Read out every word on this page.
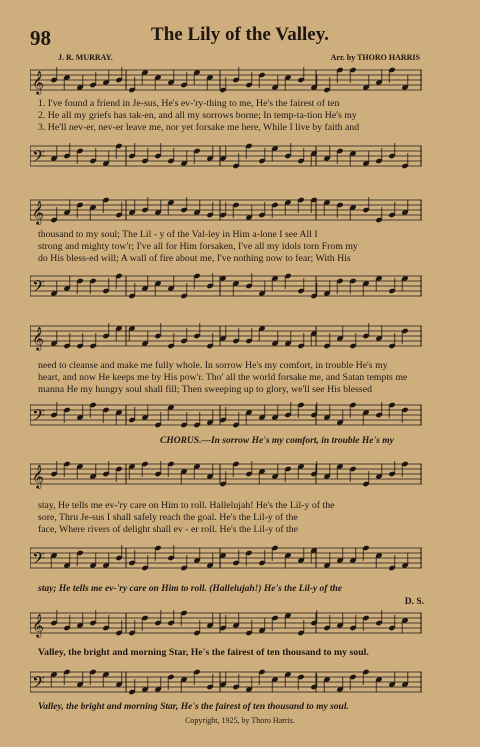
98	The Lily of the Valley.
J. R. MURRAY.	Arr. by THORO HARRIS
𝄞
1. I've found a friend in Je-sus, He's ev-'ry-thing to me, He's the fairest of ten
2. He all my griefs has tak-en, and all my sorrows borne; In temp-ta-tion He's my
3. He'll nev-er, nev-er leave me, nor yet forsake me here, While I live by faith and
𝄢
𝄞
thousand to my soul; The Lil - y of the Val-ley in Him a-lone I see All I
strong and mighty tow'r; I've all for Him forsaken, I've all my idols torn From my
do His bless-ed will; A wall of fire about me, I've nothing now to fear; With His
𝄢
𝄞
need to cleanse and make me fully whole. In sorrow He's my comfort, in trouble He's my
heart, and now He keeps me by His pow'r. Tho' all the world forsake me, and Satan tempts me
manna He my hungry soul shall fill; Then sweeping up to glory, we'll see His blessed
𝄢
CHORUS.—In sorrow He's my comfort, in trouble He's my
𝄞
stay, He tells me ev-'ry care on Him to roll. Hallelujah! He's the Lil-y of the
sore, Thru Je-sus I shall safely reach the goal. He's the Lil-y of the
face, Where rivers of delight shall ev - er roll. He's the Lil-y of the
𝄢
stay; He tells me ev-'ry care on Him to roll. (Hallelujah!) He's the Lil-y of the
D. S.
𝄞
Valley, the bright and morning Star, He's the fairest of ten thousand to my soul.
𝄢
Valley, the bright and morning Star, He's the fairest of ten thousand to my soul.
Copyright, 1925, by Thoro Harris.
